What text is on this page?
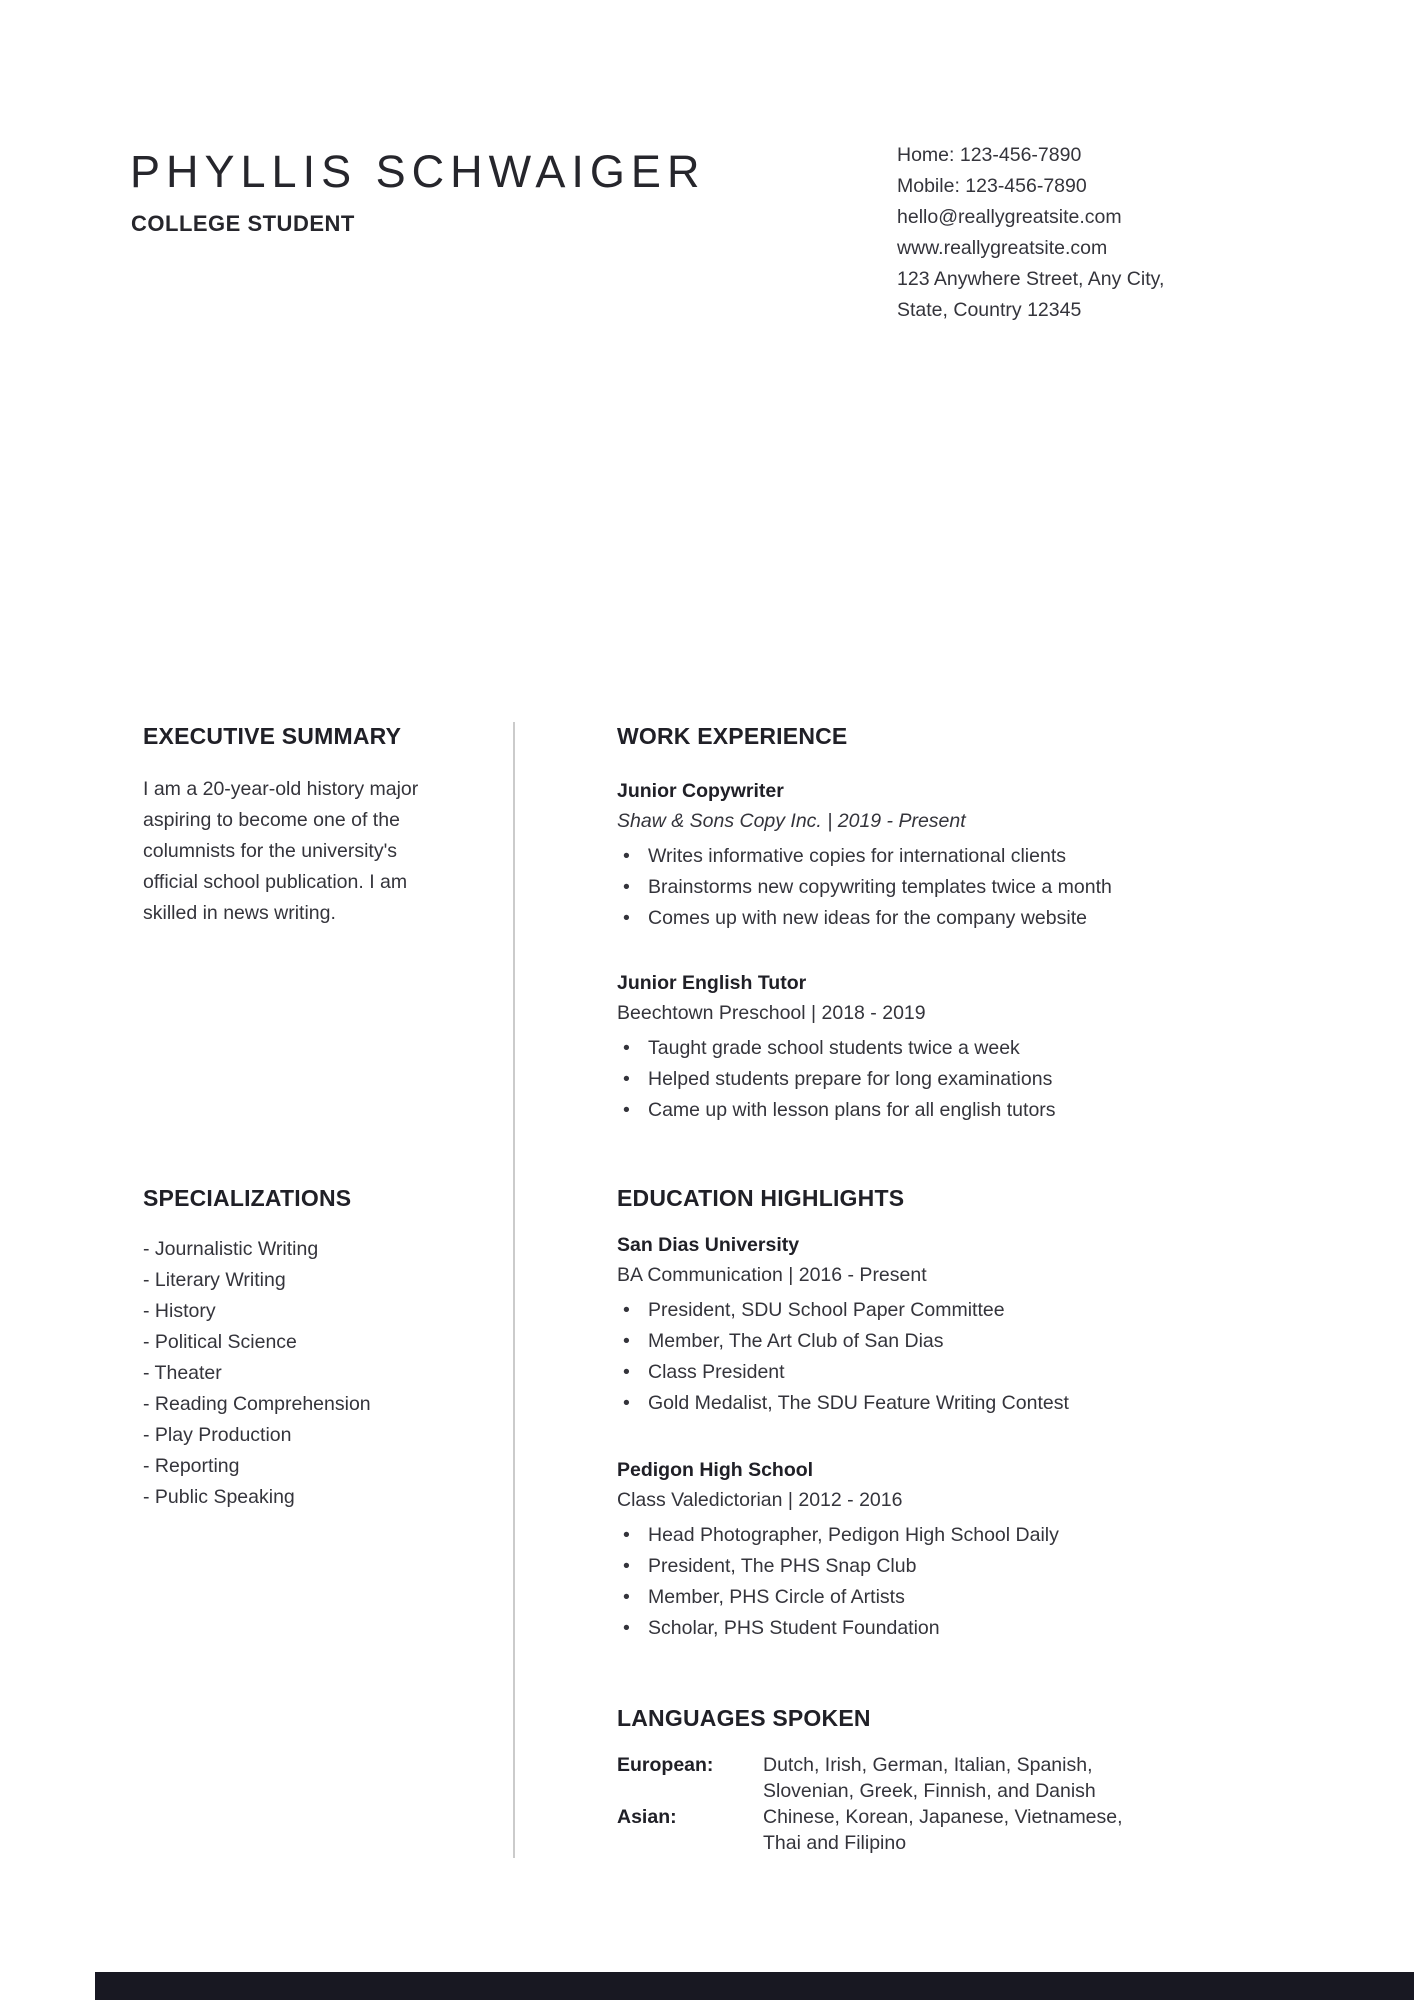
PHYLLIS SCHWAIGER
COLLEGE STUDENT
Home: 123-456-7890
Mobile: 123-456-7890
hello@reallygreatsite.com
www.reallygreatsite.com
123 Anywhere Street, Any City,
State, Country 12345
EXECUTIVE SUMMARY
I am a 20-year-old history major aspiring to become one of the columnists for the university's official school publication. I am skilled in news writing.
SPECIALIZATIONS
- Journalistic Writing
- Literary Writing
- History
- Political Science
- Theater
- Reading Comprehension
- Play Production
- Reporting
- Public Speaking
WORK EXPERIENCE
Junior Copywriter
Shaw & Sons Copy Inc. | 2019 - Present
• Writes informative copies for international clients
• Brainstorms new copywriting templates twice a month
• Comes up with new ideas for the company website
Junior English Tutor
Beechtown Preschool | 2018 - 2019
• Taught grade school students twice a week
• Helped students prepare for long examinations
• Came up with lesson plans for all english tutors
EDUCATION HIGHLIGHTS
San Dias University
BA Communication | 2016 - Present
• President, SDU School Paper Committee
• Member, The Art Club of San Dias
• Class President
• Gold Medalist, The SDU Feature Writing Contest
Pedigon High School
Class Valedictorian | 2012 - 2016
• Head Photographer, Pedigon High School Daily
• President, The PHS Snap Club
• Member, PHS Circle of Artists
• Scholar, PHS Student Foundation
LANGUAGES SPOKEN
European:	Dutch, Irish, German, Italian, Spanish,
Slovenian, Greek, Finnish, and Danish
Asian:	Chinese, Korean, Japanese, Vietnamese,
Thai and Filipino
